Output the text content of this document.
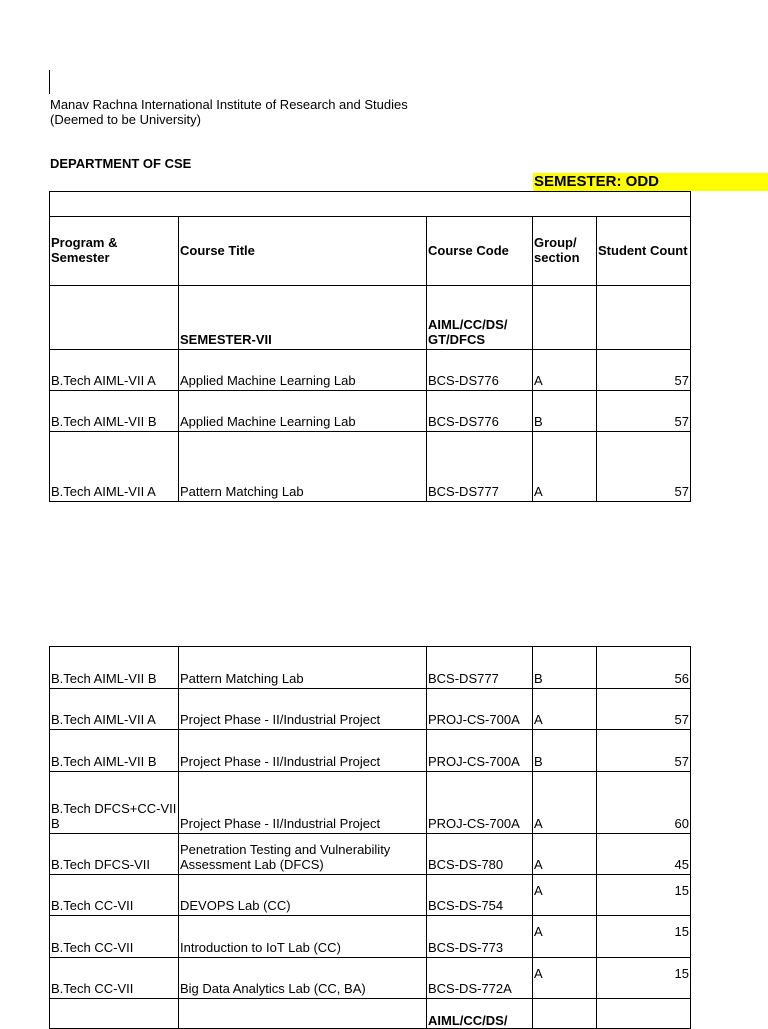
Manav Rachna International Institute of Research and Studies
(Deemed to be University)
DEPARTMENT OF CSE
SEMESTER: ODD

Program & Semester	Course Title	Course Code	Group/ section	Student Count
	SEMESTER-VII	AIML/CC/DS/ GT/DFCS		
B.Tech AIML-VII A	Applied Machine Learning Lab	BCS-DS776	A	57
B.Tech AIML-VII B	Applied Machine Learning Lab	BCS-DS776	B	57
B.Tech AIML-VII A	Pattern Matching Lab	BCS-DS777	A	57
B.Tech AIML-VII B	Pattern Matching Lab	BCS-DS777	B	56
B.Tech AIML-VII A	Project Phase - II/Industrial Project	PROJ-CS-700A	A	57
B.Tech AIML-VII B	Project Phase - II/Industrial Project	PROJ-CS-700A	B	57
B.Tech DFCS+CC-VII B	Project Phase - II/Industrial Project	PROJ-CS-700A	A	60
B.Tech DFCS-VII	Penetration Testing and Vulnerability Assessment Lab (DFCS)	BCS-DS-780	A	45
B.Tech CC-VII	DEVOPS Lab (CC)	BCS-DS-754	A	15
B.Tech CC-VII	Introduction to IoT Lab (CC)	BCS-DS-773	A	15
B.Tech CC-VII	Big Data Analytics Lab (CC, BA)	BCS-DS-772A	A	15
		AIML/CC/DS/		
